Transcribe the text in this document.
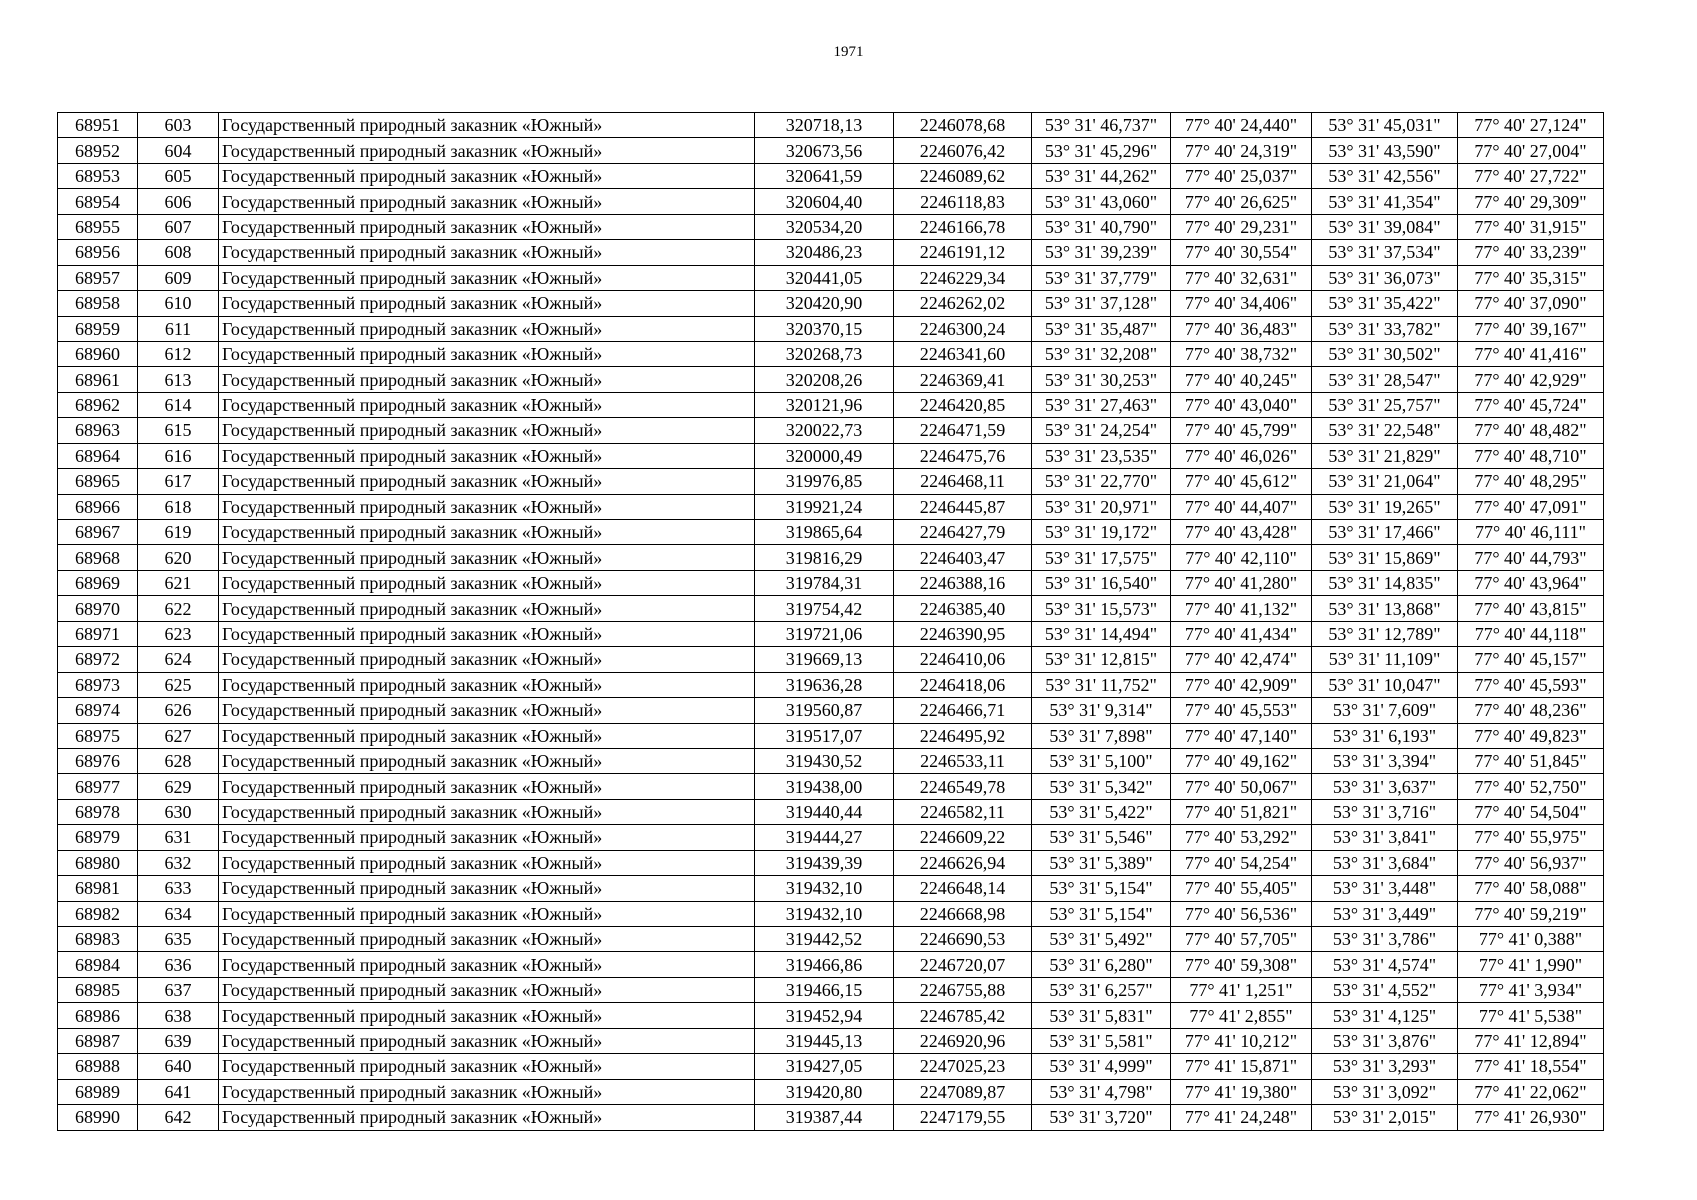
1971
68951	603	Государственный природный заказник «Южный»	320718,13	2246078,68	53° 31' 46,737"	77° 40' 24,440"	53° 31' 45,031"	77° 40' 27,124"
68952	604	Государственный природный заказник «Южный»	320673,56	2246076,42	53° 31' 45,296"	77° 40' 24,319"	53° 31' 43,590"	77° 40' 27,004"
68953	605	Государственный природный заказник «Южный»	320641,59	2246089,62	53° 31' 44,262"	77° 40' 25,037"	53° 31' 42,556"	77° 40' 27,722"
68954	606	Государственный природный заказник «Южный»	320604,40	2246118,83	53° 31' 43,060"	77° 40' 26,625"	53° 31' 41,354"	77° 40' 29,309"
68955	607	Государственный природный заказник «Южный»	320534,20	2246166,78	53° 31' 40,790"	77° 40' 29,231"	53° 31' 39,084"	77° 40' 31,915"
68956	608	Государственный природный заказник «Южный»	320486,23	2246191,12	53° 31' 39,239"	77° 40' 30,554"	53° 31' 37,534"	77° 40' 33,239"
68957	609	Государственный природный заказник «Южный»	320441,05	2246229,34	53° 31' 37,779"	77° 40' 32,631"	53° 31' 36,073"	77° 40' 35,315"
68958	610	Государственный природный заказник «Южный»	320420,90	2246262,02	53° 31' 37,128"	77° 40' 34,406"	53° 31' 35,422"	77° 40' 37,090"
68959	611	Государственный природный заказник «Южный»	320370,15	2246300,24	53° 31' 35,487"	77° 40' 36,483"	53° 31' 33,782"	77° 40' 39,167"
68960	612	Государственный природный заказник «Южный»	320268,73	2246341,60	53° 31' 32,208"	77° 40' 38,732"	53° 31' 30,502"	77° 40' 41,416"
68961	613	Государственный природный заказник «Южный»	320208,26	2246369,41	53° 31' 30,253"	77° 40' 40,245"	53° 31' 28,547"	77° 40' 42,929"
68962	614	Государственный природный заказник «Южный»	320121,96	2246420,85	53° 31' 27,463"	77° 40' 43,040"	53° 31' 25,757"	77° 40' 45,724"
68963	615	Государственный природный заказник «Южный»	320022,73	2246471,59	53° 31' 24,254"	77° 40' 45,799"	53° 31' 22,548"	77° 40' 48,482"
68964	616	Государственный природный заказник «Южный»	320000,49	2246475,76	53° 31' 23,535"	77° 40' 46,026"	53° 31' 21,829"	77° 40' 48,710"
68965	617	Государственный природный заказник «Южный»	319976,85	2246468,11	53° 31' 22,770"	77° 40' 45,612"	53° 31' 21,064"	77° 40' 48,295"
68966	618	Государственный природный заказник «Южный»	319921,24	2246445,87	53° 31' 20,971"	77° 40' 44,407"	53° 31' 19,265"	77° 40' 47,091"
68967	619	Государственный природный заказник «Южный»	319865,64	2246427,79	53° 31' 19,172"	77° 40' 43,428"	53° 31' 17,466"	77° 40' 46,111"
68968	620	Государственный природный заказник «Южный»	319816,29	2246403,47	53° 31' 17,575"	77° 40' 42,110"	53° 31' 15,869"	77° 40' 44,793"
68969	621	Государственный природный заказник «Южный»	319784,31	2246388,16	53° 31' 16,540"	77° 40' 41,280"	53° 31' 14,835"	77° 40' 43,964"
68970	622	Государственный природный заказник «Южный»	319754,42	2246385,40	53° 31' 15,573"	77° 40' 41,132"	53° 31' 13,868"	77° 40' 43,815"
68971	623	Государственный природный заказник «Южный»	319721,06	2246390,95	53° 31' 14,494"	77° 40' 41,434"	53° 31' 12,789"	77° 40' 44,118"
68972	624	Государственный природный заказник «Южный»	319669,13	2246410,06	53° 31' 12,815"	77° 40' 42,474"	53° 31' 11,109"	77° 40' 45,157"
68973	625	Государственный природный заказник «Южный»	319636,28	2246418,06	53° 31' 11,752"	77° 40' 42,909"	53° 31' 10,047"	77° 40' 45,593"
68974	626	Государственный природный заказник «Южный»	319560,87	2246466,71	53° 31' 9,314"	77° 40' 45,553"	53° 31' 7,609"	77° 40' 48,236"
68975	627	Государственный природный заказник «Южный»	319517,07	2246495,92	53° 31' 7,898"	77° 40' 47,140"	53° 31' 6,193"	77° 40' 49,823"
68976	628	Государственный природный заказник «Южный»	319430,52	2246533,11	53° 31' 5,100"	77° 40' 49,162"	53° 31' 3,394"	77° 40' 51,845"
68977	629	Государственный природный заказник «Южный»	319438,00	2246549,78	53° 31' 5,342"	77° 40' 50,067"	53° 31' 3,637"	77° 40' 52,750"
68978	630	Государственный природный заказник «Южный»	319440,44	2246582,11	53° 31' 5,422"	77° 40' 51,821"	53° 31' 3,716"	77° 40' 54,504"
68979	631	Государственный природный заказник «Южный»	319444,27	2246609,22	53° 31' 5,546"	77° 40' 53,292"	53° 31' 3,841"	77° 40' 55,975"
68980	632	Государственный природный заказник «Южный»	319439,39	2246626,94	53° 31' 5,389"	77° 40' 54,254"	53° 31' 3,684"	77° 40' 56,937"
68981	633	Государственный природный заказник «Южный»	319432,10	2246648,14	53° 31' 5,154"	77° 40' 55,405"	53° 31' 3,448"	77° 40' 58,088"
68982	634	Государственный природный заказник «Южный»	319432,10	2246668,98	53° 31' 5,154"	77° 40' 56,536"	53° 31' 3,449"	77° 40' 59,219"
68983	635	Государственный природный заказник «Южный»	319442,52	2246690,53	53° 31' 5,492"	77° 40' 57,705"	53° 31' 3,786"	77° 41' 0,388"
68984	636	Государственный природный заказник «Южный»	319466,86	2246720,07	53° 31' 6,280"	77° 40' 59,308"	53° 31' 4,574"	77° 41' 1,990"
68985	637	Государственный природный заказник «Южный»	319466,15	2246755,88	53° 31' 6,257"	77° 41' 1,251"	53° 31' 4,552"	77° 41' 3,934"
68986	638	Государственный природный заказник «Южный»	319452,94	2246785,42	53° 31' 5,831"	77° 41' 2,855"	53° 31' 4,125"	77° 41' 5,538"
68987	639	Государственный природный заказник «Южный»	319445,13	2246920,96	53° 31' 5,581"	77° 41' 10,212"	53° 31' 3,876"	77° 41' 12,894"
68988	640	Государственный природный заказник «Южный»	319427,05	2247025,23	53° 31' 4,999"	77° 41' 15,871"	53° 31' 3,293"	77° 41' 18,554"
68989	641	Государственный природный заказник «Южный»	319420,80	2247089,87	53° 31' 4,798"	77° 41' 19,380"	53° 31' 3,092"	77° 41' 22,062"
68990	642	Государственный природный заказник «Южный»	319387,44	2247179,55	53° 31' 3,720"	77° 41' 24,248"	53° 31' 2,015"	77° 41' 26,930"
